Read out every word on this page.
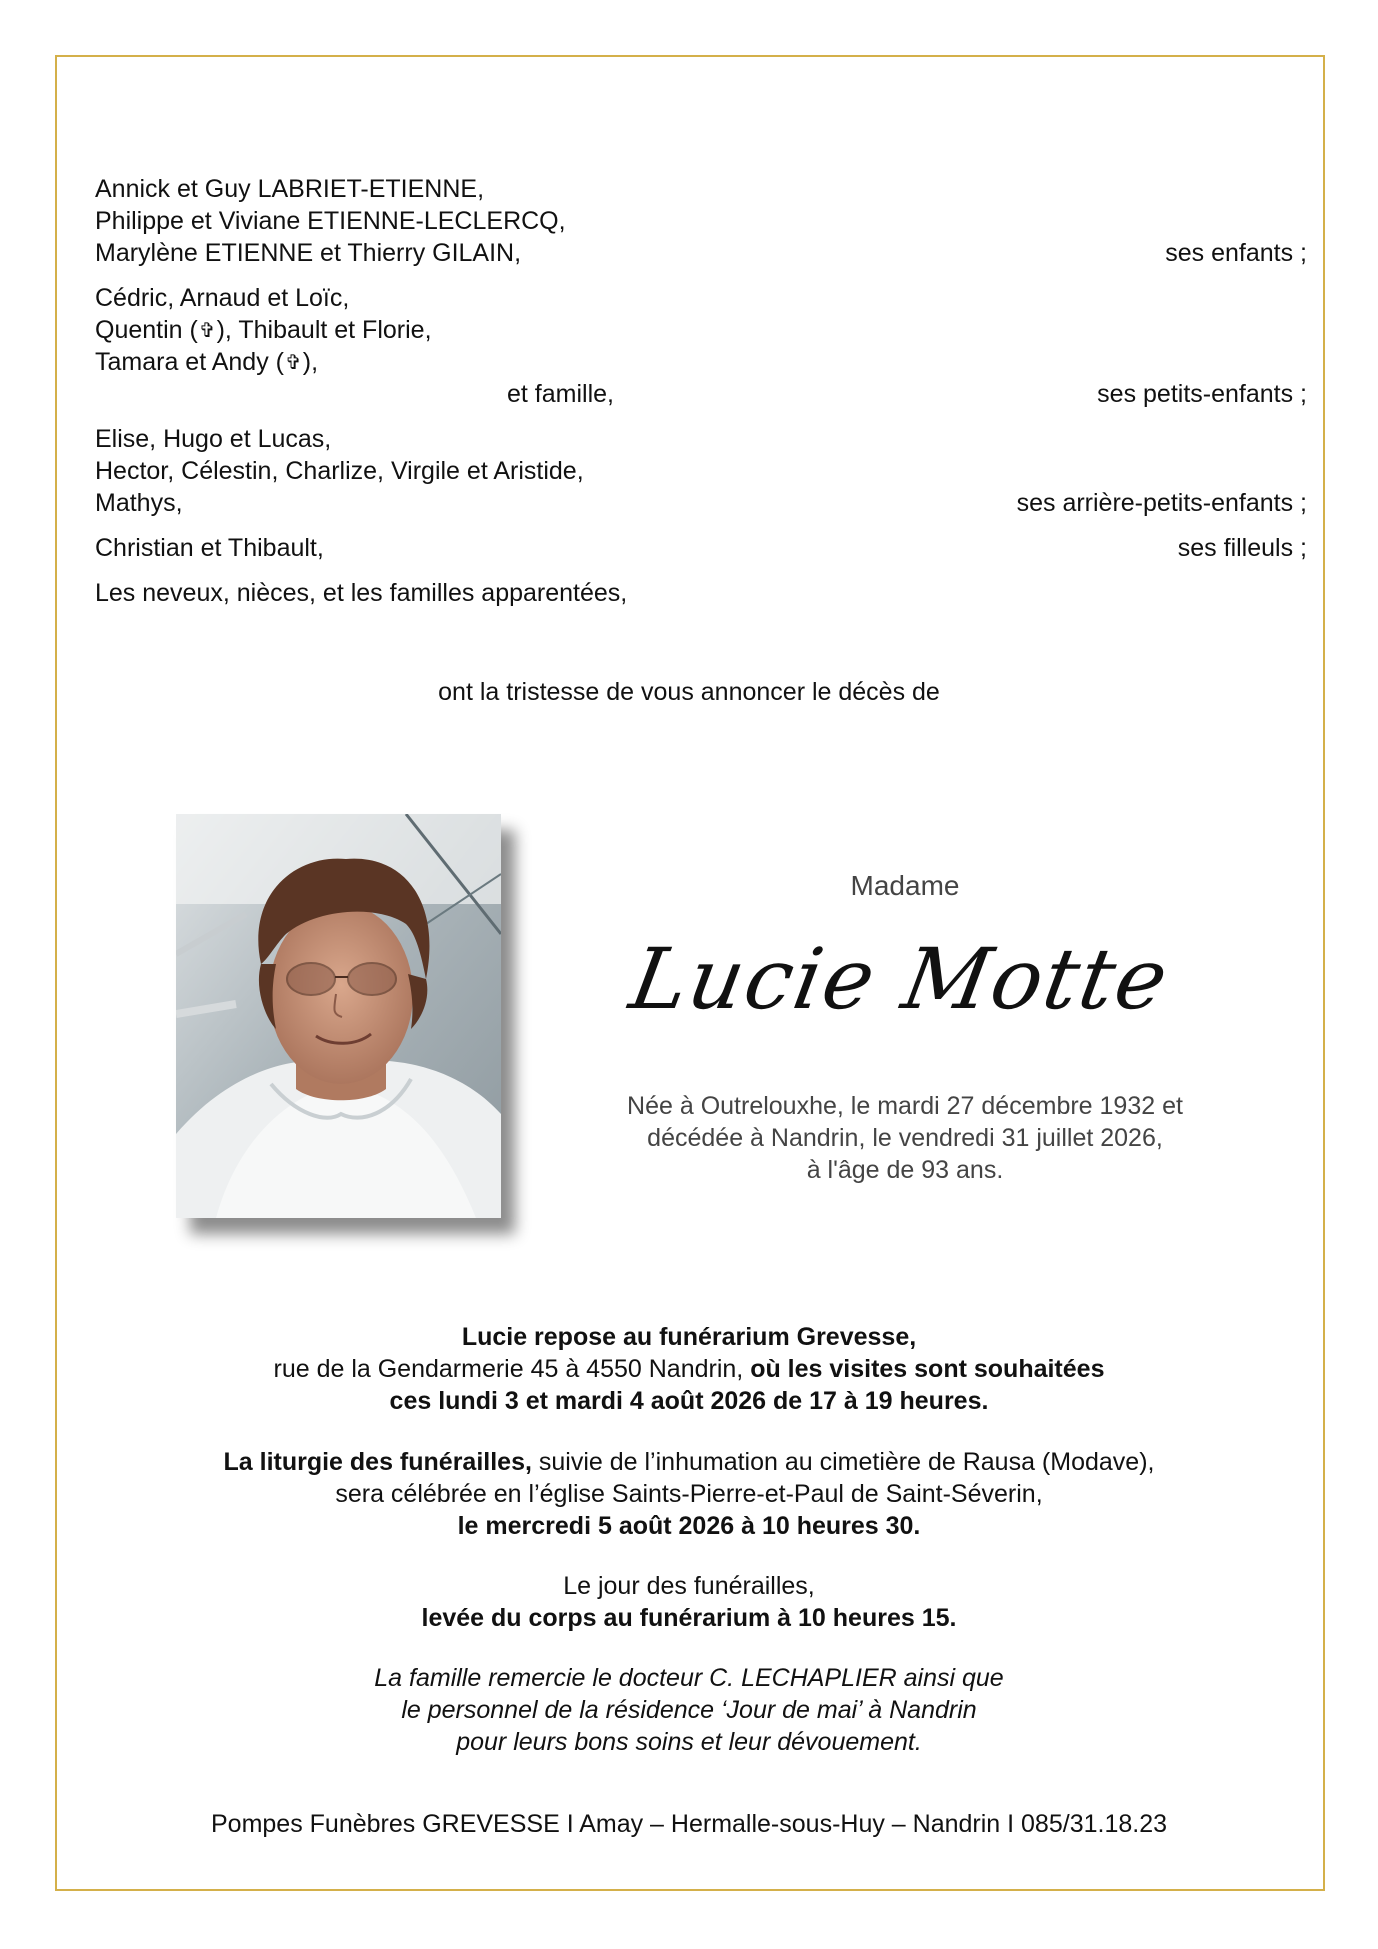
Annick et Guy LABRIET-ETIENNE,
Philippe et Viviane ETIENNE-LECLERCQ,
Marylène ETIENNE et Thierry GILAIN,	ses enfants ;
Cédric, Arnaud et Loïc,
Quentin (✞), Thibault et Florie,
Tamara et Andy (✞),
et famille,	ses petits-enfants ;
Elise, Hugo et Lucas,
Hector, Célestin, Charlize, Virgile et Aristide,
Mathys,	ses arrière-petits-enfants ;
Christian et Thibault,	ses filleuls ;
Les neveux, nièces, et les familles apparentées,
ont la tristesse de vous annoncer le décès de
Madame
Lucie Motte
Née à Outrelouxhe, le mardi 27 décembre 1932 et
décédée à Nandrin, le vendredi 31 juillet 2026,
à l'âge de 93 ans.
Lucie repose au funérarium Grevesse,
rue de la Gendarmerie 45 à 4550 Nandrin, où les visites sont souhaitées
ces lundi 3 et mardi 4 août 2026 de 17 à 19 heures.
La liturgie des funérailles, suivie de l’inhumation au cimetière de Rausa (Modave),
sera célébrée en l’église Saints-Pierre-et-Paul de Saint-Séverin,
le mercredi 5 août 2026 à 10 heures 30.
Le jour des funérailles,
levée du corps au funérarium à 10 heures 15.
La famille remercie le docteur C. LECHAPLIER ainsi que
le personnel de la résidence ‘Jour de mai’ à Nandrin
pour leurs bons soins et leur dévouement.
Pompes Funèbres GREVESSE I Amay – Hermalle-sous-Huy – Nandrin I 085/31.18.23
